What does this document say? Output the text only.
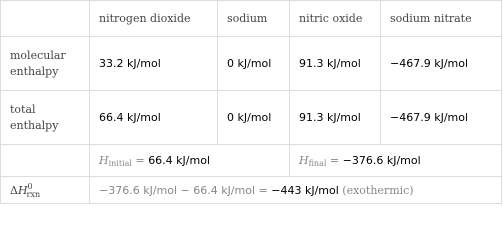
	nitrogen dioxide	sodium	nitric oxide	sodium nitrate
molecular enthalpy	33.2 kJ/mol	0 kJ/mol	91.3 kJ/mol	−467.9 kJ/mol
total enthalpy	66.4 kJ/mol	0 kJ/mol	91.3 kJ/mol	−467.9 kJ/mol
	$H_{initial} = 66.4$ kJ/mol		$H_{final} = -376.6$ kJ/mol	
$\Delta H^0_{rxn}$	−376.6 kJ/mol − 66.4 kJ/mol = −443 kJ/mol (exothermic)			
